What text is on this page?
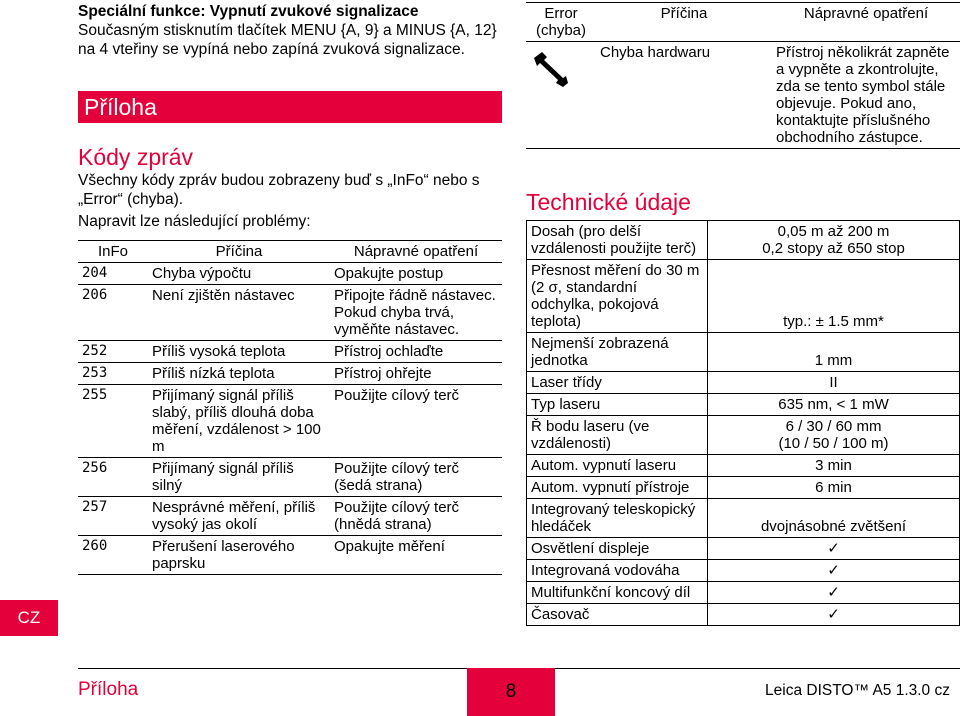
Speciální funkce: Vypnutí zvukové signalizace
Současným stisknutím tlačítek MENU {A, 9} a MINUS {A, 12} na 4 vteřiny se vypíná nebo zapíná zvuková signalizace.
Příloha
Kódy zpráv
Všechny kódy zpráv budou zobrazeny buď s „InFo“ nebo s „Error“ (chyba).
Napravit lze následující problémy:
InFo	Příčina	Nápravné opatření
204	Chyba výpočtu	Opakujte postup
206	Není zjištěn nástavec	Připojte řádně nástavec. Pokud chyba trvá, vyměňte nástavec.
252	Příliš vysoká teplota	Přístroj ochlaďte
253	Příliš nízká teplota	Přístroj ohřejte
255	Přijímaný signál příliš slabý, příliš dlouhá doba měření, vzdálenost > 100 m	Použijte cílový terč
256	Přijímaný signál příliš silný	Použijte cílový terč (šedá strana)
257	Nesprávné měření, příliš vysoký jas okolí	Použijte cílový terč (hnědá strana)
260	Přerušení laserového paprsku	Opakujte měření
Error (chyba)	Příčina	Nápravné opatření
	Chyba hardwaru	Přístroj několikrát zapněte a vypněte a zkontrolujte, zda se tento symbol stále objevuje. Pokud ano, kontaktujte příslušného obchodního zástupce.
Technické údaje
Dosah (pro delší vzdálenosti použijte terč)	0,05 m až 200 m
0,2 stopy až 650 stop
Přesnost měření do 30 m (2 σ, standardní odchylka, pokojová teplota)	typ.: ± 1.5 mm*
Nejmenší zobrazená jednotka	1 mm
Laser třídy	II
Typ laseru	635 nm, < 1 mW
Ř bodu laseru (ve vzdálenosti)	6 / 30 / 60 mm
(10 / 50 / 100 m)
Autom. vypnutí laseru	3 min
Autom. vypnutí přístroje	6 min
Integrovaný teleskopický hledáček	dvojnásobné zvětšení
Osvětlení displeje	✓
Integrovaná vodováha	✓
Multifunkční koncový díl	✓
Časovač	✓
CZ
Příloha	8	Leica DISTO™ A5 1.3.0 cz
